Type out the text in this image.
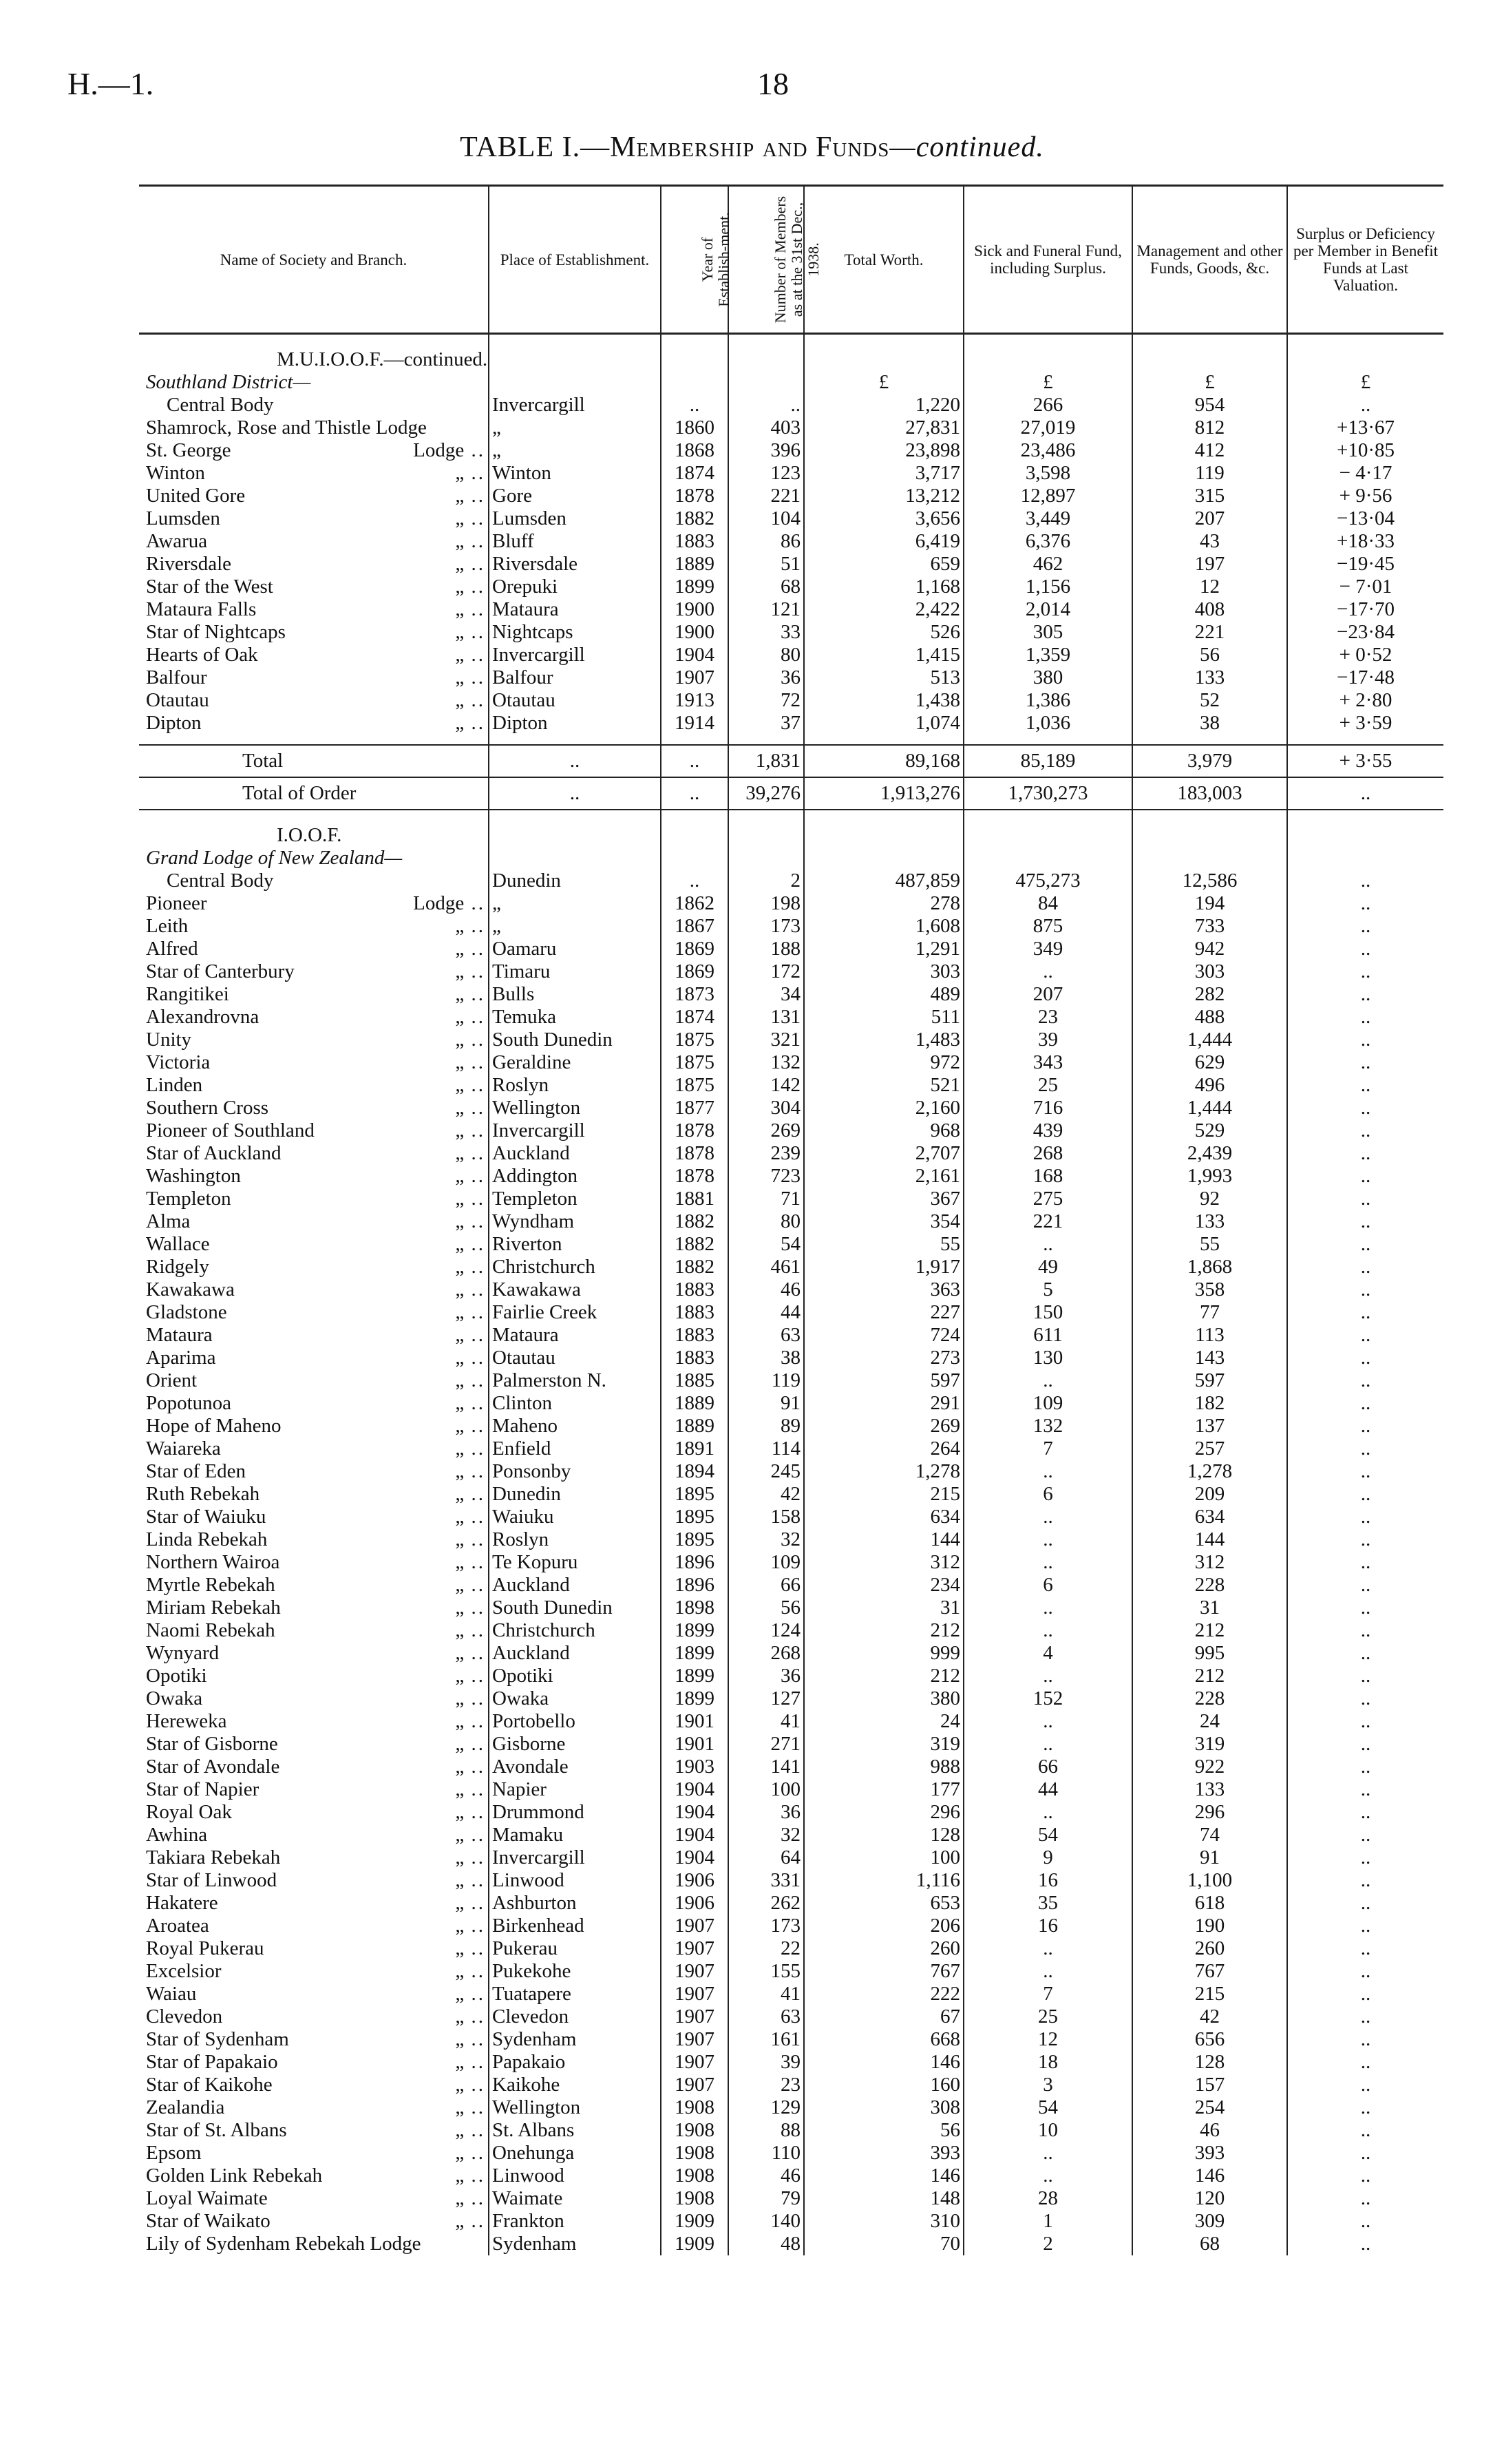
H.—1.	18
TABLE I.—Membership and Funds—continued.
Name of Society and Branch.	Place of Establishment.	Year of Establish-ment.	Number of Members as at the 31st Dec., 1938.	Total Worth.	Sick and Funeral Fund, including Surplus.	Management and other Funds, Goods, &c.	Surplus or Deficiency per Member in Benefit Funds at Last Valuation.
M.U.I.O.O.F.—continued.							
Southland District—				£	£	£	£
Central Body	Invercargill	..	..	1,220	266	954	..
Shamrock, Rose and Thistle Lodge	„	1860	403	27,831	27,019	812	+13·67
St. George Lodge ..	„	1868	396	23,898	23,486	412	+10·85
Winton „ ..	Winton	1874	123	3,717	3,598	119	− 4·17
United Gore „ ..	Gore	1878	221	13,212	12,897	315	+ 9·56
Lumsden „ ..	Lumsden	1882	104	3,656	3,449	207	−13·04
Awarua „ ..	Bluff	1883	86	6,419	6,376	43	+18·33
Riversdale „ ..	Riversdale	1889	51	659	462	197	−19·45
Star of the West „ ..	Orepuki	1899	68	1,168	1,156	12	− 7·01
Mataura Falls „ ..	Mataura	1900	121	2,422	2,014	408	−17·70
Star of Nightcaps „ ..	Nightcaps	1900	33	526	305	221	−23·84
Hearts of Oak „ ..	Invercargill	1904	80	1,415	1,359	56	+ 0·52
Balfour „ ..	Balfour	1907	36	513	380	133	−17·48
Otautau „ ..	Otautau	1913	72	1,438	1,386	52	+ 2·80
Dipton „ ..	Dipton	1914	37	1,074	1,036	38	+ 3·59

Total	..	..	1,831	89,168	85,189	3,979	+ 3·55
Total of Order	..	..	39,276	1,913,276	1,730,273	183,003	..
I.O.O.F.							
Grand Lodge of New Zealand—							
Central Body	Dunedin	..	2	487,859	475,273	12,586	..
Pioneer Lodge ..	„	1862	198	278	84	194	..
Leith „ ..	„	1867	173	1,608	875	733	..
Alfred „ ..	Oamaru	1869	188	1,291	349	942	..
Star of Canterbury „ ..	Timaru	1869	172	303	..	303	..
Rangitikei „ ..	Bulls	1873	34	489	207	282	..
Alexandrovna „ ..	Temuka	1874	131	511	23	488	..
Unity „ ..	South Dunedin	1875	321	1,483	39	1,444	..
Victoria „ ..	Geraldine	1875	132	972	343	629	..
Linden „ ..	Roslyn	1875	142	521	25	496	..
Southern Cross „ ..	Wellington	1877	304	2,160	716	1,444	..
Pioneer of Southland „ ..	Invercargill	1878	269	968	439	529	..
Star of Auckland „ ..	Auckland	1878	239	2,707	268	2,439	..
Washington „ ..	Addington	1878	723	2,161	168	1,993	..
Templeton „ ..	Templeton	1881	71	367	275	92	..
Alma „ ..	Wyndham	1882	80	354	221	133	..
Wallace „ ..	Riverton	1882	54	55	..	55	..
Ridgely „ ..	Christchurch	1882	461	1,917	49	1,868	..
Kawakawa „ ..	Kawakawa	1883	46	363	5	358	..
Gladstone „ ..	Fairlie Creek	1883	44	227	150	77	..
Mataura „ ..	Mataura	1883	63	724	611	113	..
Aparima „ ..	Otautau	1883	38	273	130	143	..
Orient „ ..	Palmerston N.	1885	119	597	..	597	..
Popotunoa „ ..	Clinton	1889	91	291	109	182	..
Hope of Maheno „ ..	Maheno	1889	89	269	132	137	..
Waiareka „ ..	Enfield	1891	114	264	7	257	..
Star of Eden „ ..	Ponsonby	1894	245	1,278	..	1,278	..
Ruth Rebekah „ ..	Dunedin	1895	42	215	6	209	..
Star of Waiuku „ ..	Waiuku	1895	158	634	..	634	..
Linda Rebekah „ ..	Roslyn	1895	32	144	..	144	..
Northern Wairoa „ ..	Te Kopuru	1896	109	312	..	312	..
Myrtle Rebekah „ ..	Auckland	1896	66	234	6	228	..
Miriam Rebekah „ ..	South Dunedin	1898	56	31	..	31	..
Naomi Rebekah „ ..	Christchurch	1899	124	212	..	212	..
Wynyard „ ..	Auckland	1899	268	999	4	995	..
Opotiki „ ..	Opotiki	1899	36	212	..	212	..
Owaka „ ..	Owaka	1899	127	380	152	228	..
Hereweka „ ..	Portobello	1901	41	24	..	24	..
Star of Gisborne „ ..	Gisborne	1901	271	319	..	319	..
Star of Avondale „ ..	Avondale	1903	141	988	66	922	..
Star of Napier „ ..	Napier	1904	100	177	44	133	..
Royal Oak „ ..	Drummond	1904	36	296	..	296	..
Awhina „ ..	Mamaku	1904	32	128	54	74	..
Takiara Rebekah „ ..	Invercargill	1904	64	100	9	91	..
Star of Linwood „ ..	Linwood	1906	331	1,116	16	1,100	..
Hakatere „ ..	Ashburton	1906	262	653	35	618	..
Aroatea „ ..	Birkenhead	1907	173	206	16	190	..
Royal Pukerau „ ..	Pukerau	1907	22	260	..	260	..
Excelsior „ ..	Pukekohe	1907	155	767	..	767	..
Waiau „ ..	Tuatapere	1907	41	222	7	215	..
Clevedon „ ..	Clevedon	1907	63	67	25	42	..
Star of Sydenham „ ..	Sydenham	1907	161	668	12	656	..
Star of Papakaio „ ..	Papakaio	1907	39	146	18	128	..
Star of Kaikohe „ ..	Kaikohe	1907	23	160	3	157	..
Zealandia „ ..	Wellington	1908	129	308	54	254	..
Star of St. Albans „ ..	St. Albans	1908	88	56	10	46	..
Epsom „ ..	Onehunga	1908	110	393	..	393	..
Golden Link Rebekah „ ..	Linwood	1908	46	146	..	146	..
Loyal Waimate „ ..	Waimate	1908	79	148	28	120	..
Star of Waikato „ ..	Frankton	1909	140	310	1	309	..
Lily of Sydenham Rebekah Lodge	Sydenham	1909	48	70	2	68	..
